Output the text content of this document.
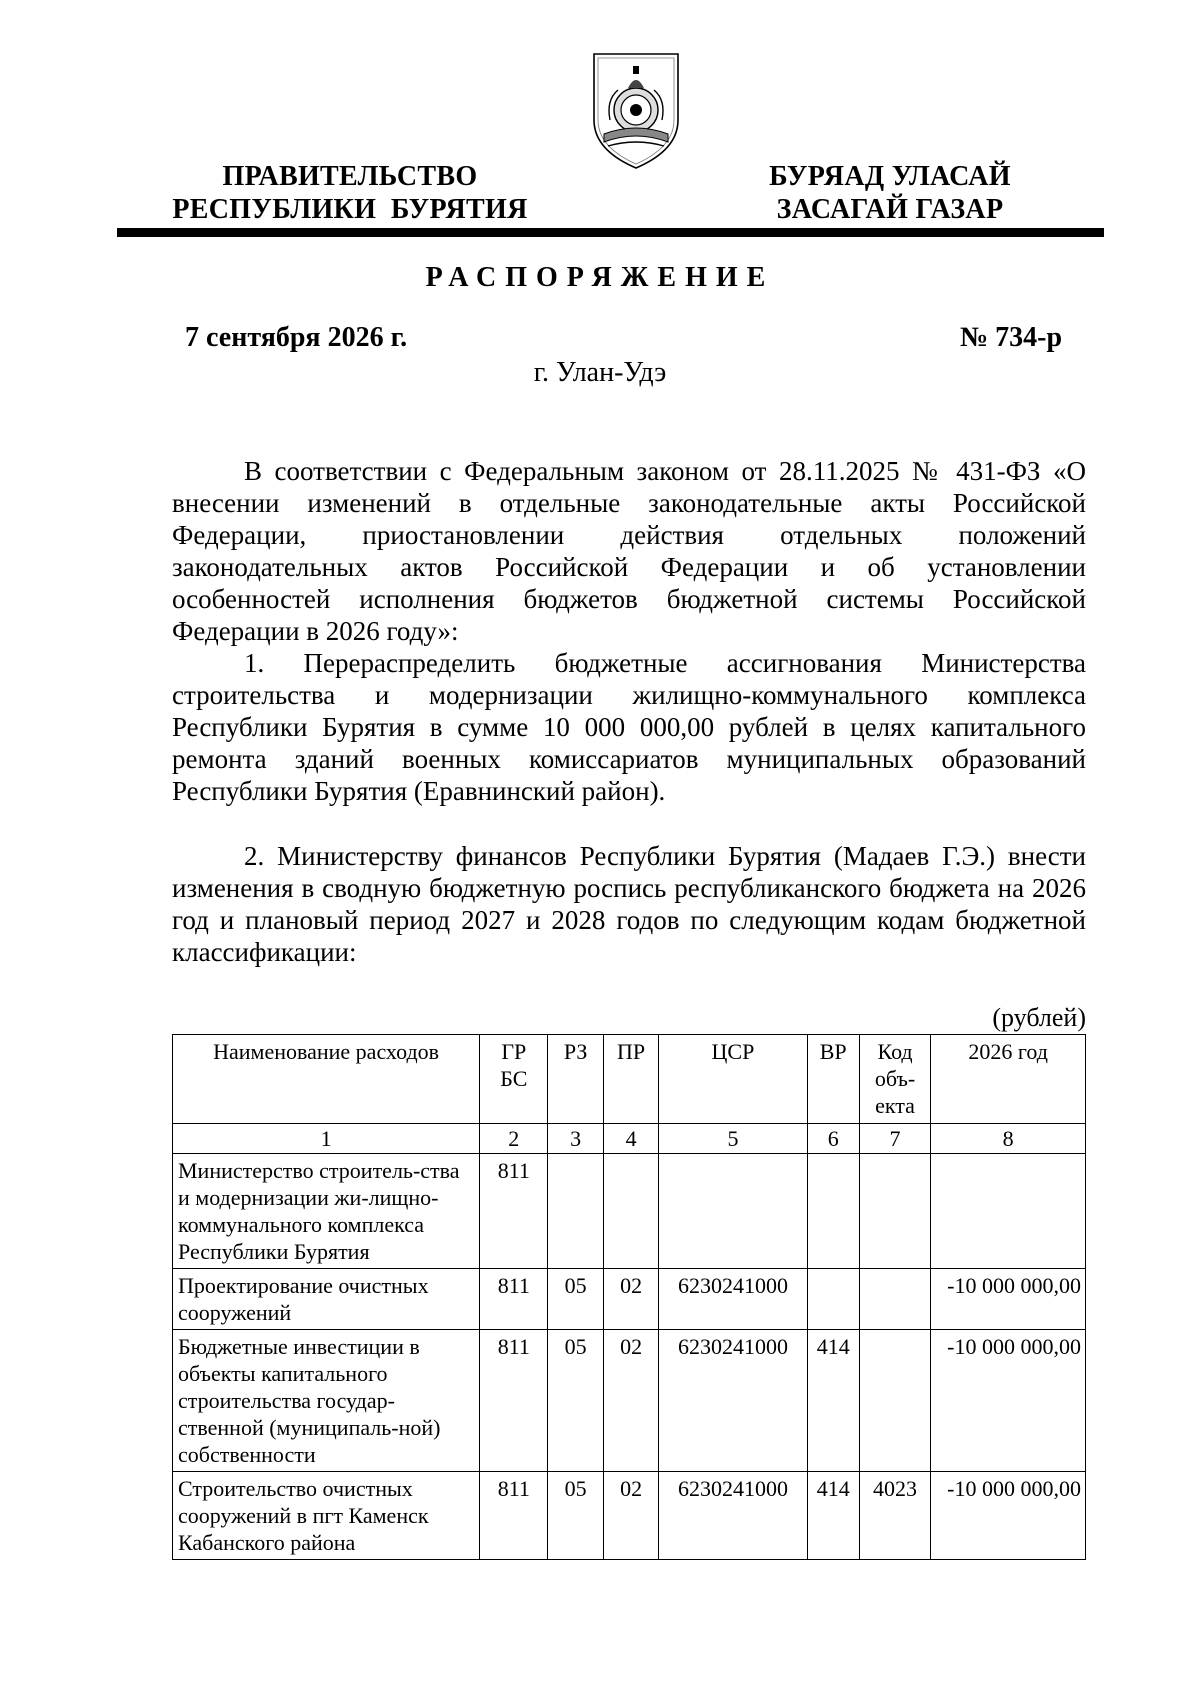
ПРАВИТЕЛЬСТВО
РЕСПУБЛИКИ  БУРЯТИЯ
БУРЯАД УЛАСАЙ
ЗАСАГАЙ ГАЗАР
РАСПОРЯЖЕНИЕ
7 сентября 2026 г.	№ 734-р
г. Улан-Удэ

В соответствии с Федеральным законом от 28.11.2025 № 431-ФЗ «О внесении изменений в отдельные законодательные акты Российской Федерации, приостановлении действия отдельных положений законодательных актов Российской Федерации и об установлении особенностей исполнения бюджетов бюджетной системы Российской Федерации в 2026 году»:

1. Перераспределить бюджетные ассигнования Министерства строительства и модернизации жилищно-коммунального комплекса Республики Бурятия в сумме 10 000 000,00 рублей в целях капитального ремонта зданий военных комиссариатов муниципальных образований Республики Бурятия (Еравнинский район).

2. Министерству финансов Республики Бурятия (Мадаев Г.Э.) внести изменения в сводную бюджетную роспись республиканского бюджета на 2026 год и плановый период 2027 и 2028 годов по следующим кодам бюджетной классификации:

(рублей)
Наименование расходов	ГР БС	РЗ	ПР	ЦСР	ВР	Код объ-екта	2026 год
1	2	3	4	5	6	7	8
Министерство строитель-ства и модернизации жи-лищно-коммунального комплекса Республики Бурятия	811						
Проектирование очистных сооружений	811	05	02	6230241000			-10 000 000,00
Бюджетные инвестиции в объекты капитального строительства государ-ственной (муниципаль-ной) собственности	811	05	02	6230241000	414		-10 000 000,00
Строительство очистных сооружений в пгт Каменск Кабанского района	811	05	02	6230241000	414	4023	-10 000 000,00
